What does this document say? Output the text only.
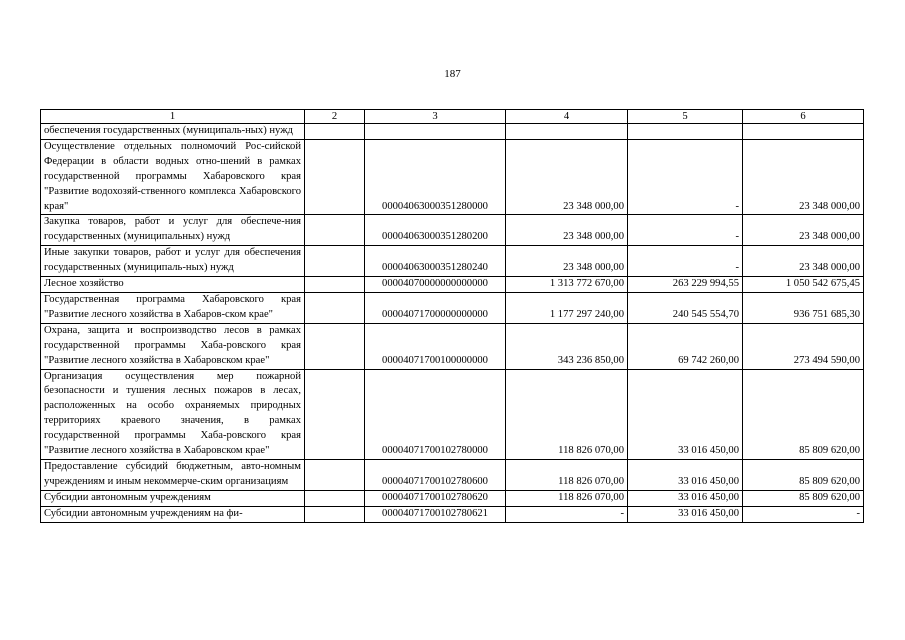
187
1	2	3	4	5	6
обеспечения государственных (муниципаль-ных) нужд					
Осуществление отдельных полномочий Рос-сийской Федерации в области водных отно-шений в рамках государственной программы Хабаровского края "Развитие водохозяй-ственного комплекса Хабаровского края"		00004063000351280000	23 348 000,00	-	23 348 000,00
Закупка товаров, работ и услуг для обеспече-ния государственных (муниципальных) нужд		00004063000351280200	23 348 000,00	-	23 348 000,00
Иные закупки товаров, работ и услуг для обеспечения государственных (муниципаль-ных) нужд		00004063000351280240	23 348 000,00	-	23 348 000,00
Лесное хозяйство		00004070000000000000	1 313 772 670,00	263 229 994,55	1 050 542 675,45
Государственная программа Хабаровского края "Развитие лесного хозяйства в Хабаров-ском крае"		00004071700000000000	1 177 297 240,00	240 545 554,70	936 751 685,30
Охрана, защита и воспроизводство лесов в рамках государственной программы Хаба-ровского края "Развитие лесного хозяйства в Хабаровском крае"		00004071700100000000	343 236 850,00	69 742 260,00	273 494 590,00
Организация осуществления мер пожарной безопасности и тушения лесных пожаров в лесах, расположенных на особо охраняемых природных территориях краевого значения, в рамках государственной программы Хаба-ровского края "Развитие лесного хозяйства в Хабаровском крае"		00004071700102780000	118 826 070,00	33 016 450,00	85 809 620,00
Предоставление субсидий бюджетным, авто-номным учреждениям и иным некоммерче-ским организациям		00004071700102780600	118 826 070,00	33 016 450,00	85 809 620,00
Субсидии автономным учреждениям		00004071700102780620	118 826 070,00	33 016 450,00	85 809 620,00
Субсидии автономным учреждениям на фи-		00004071700102780621	-	33 016 450,00	-
